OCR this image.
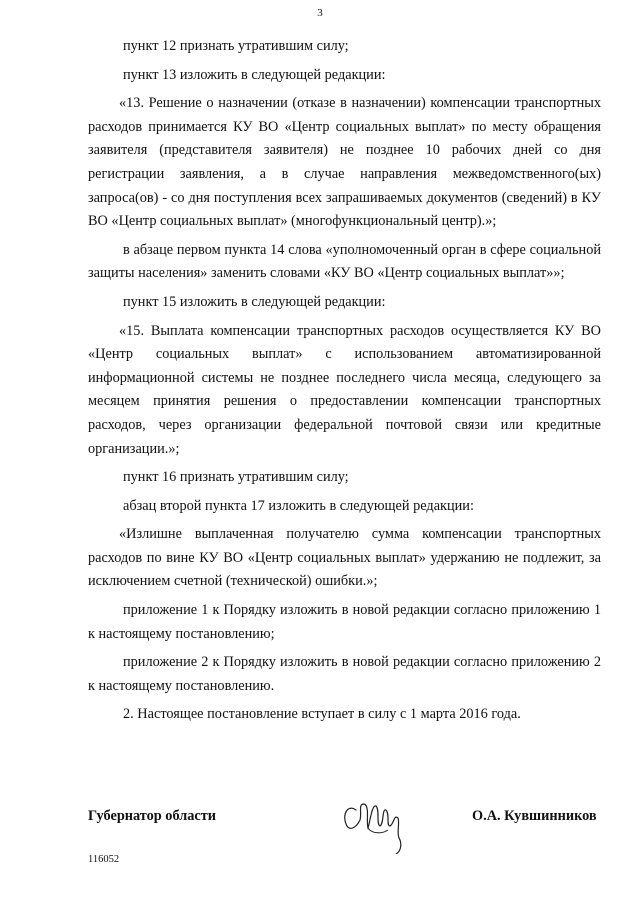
3

пункт 12 признать утратившим силу;

пункт 13 изложить в следующей редакции:

«13. Решение о назначении (отказе в назначении) компенсации транспортных расходов принимается КУ ВО «Центр социальных выплат» по месту обращения заявителя (представителя заявителя) не позднее 10 рабочих дней со дня регистрации заявления, а в случае направления межведомственного(ых) запроса(ов) - со дня поступления всех запрашиваемых документов (сведений) в КУ ВО «Центр социальных выплат» (многофункциональный центр).»;

в абзаце первом пункта 14 слова «уполномоченный орган в сфере социальной защиты населения» заменить словами «КУ ВО «Центр социальных выплат»»;

пункт 15 изложить в следующей редакции:

«15. Выплата компенсации транспортных расходов осуществляется КУ ВО «Центр социальных выплат» с использованием автоматизированной информационной системы не позднее последнего числа месяца, следующего за месяцем принятия решения о предоставлении компенсации транспортных расходов, через организации федеральной почтовой связи или кредитные организации.»;

пункт 16 признать утратившим силу;

абзац второй пункта 17 изложить в следующей редакции:

«Излишне выплаченная получателю сумма компенсации транспортных расходов по вине КУ ВО «Центр социальных выплат» удержанию не подлежит, за исключением счетной (технической) ошибки.»;

приложение 1 к Порядку изложить в новой редакции согласно приложению 1 к настоящему постановлению;

приложение 2 к Порядку изложить в новой редакции согласно приложению 2 к настоящему постановлению.

2. Настоящее постановление вступает в силу с 1 марта 2016 года.

Губернатор области	О.А. Кувшинников
116052
